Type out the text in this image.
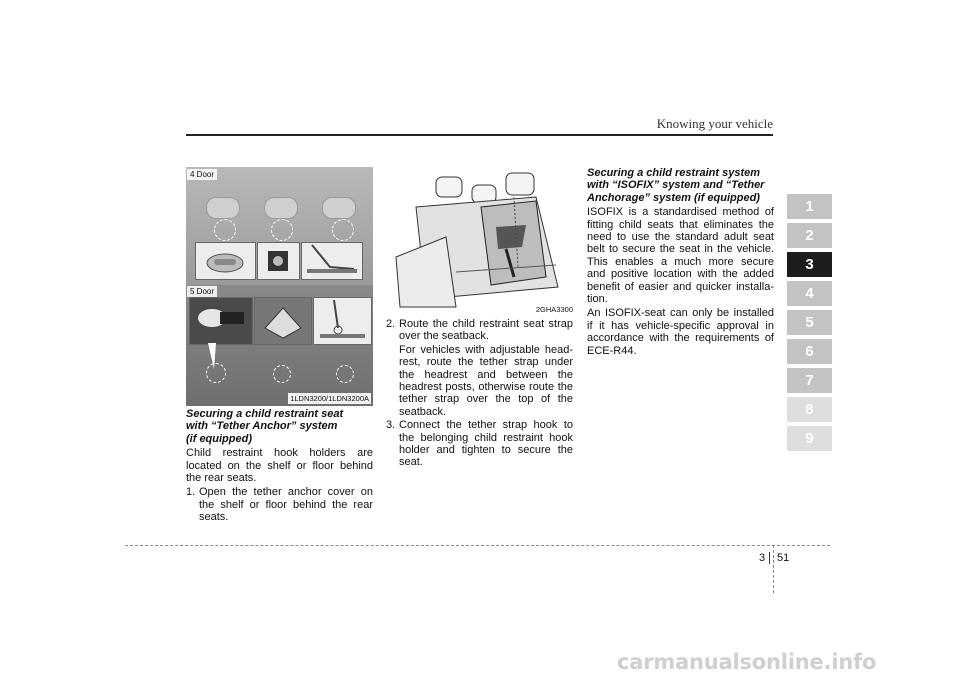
Knowing your vehicle
1
2
3
4
5
6
7
8
9
4 Door
5 Door
1LDN3200/1LDN3200A
2GHA3300
Securing a child restraint seat
with “Tether Anchor” system
(if equipped)

Child restraint hook holders are located on the shelf or floor behind the rear seats.

1. Open the tether anchor cover on the shelf or floor behind the rear seats.
2. Route the child restraint seat strap over the seatback.

For vehicles with adjustable head-rest, route the tether strap under the headrest and between the headrest posts, otherwise route the tether strap over the top of the seatback.

3. Connect the tether strap hook to the belonging child restraint hook holder and tighten to secure the seat.
Securing a child restraint system
with “ISOFIX” system and “Tether
Anchorage” system (if equipped)

ISOFIX is a standardised method of fitting child seats that eliminates the need to use the standard adult seat belt to secure the seat in the vehicle. This enables a much more secure and positive location with the added benefit of easier and quicker installa-tion.

An ISOFIX-seat can only be installed if it has vehicle-specific approval in accordance with the requirements of ECE-R44.

3 51
carmanualsonline.info
